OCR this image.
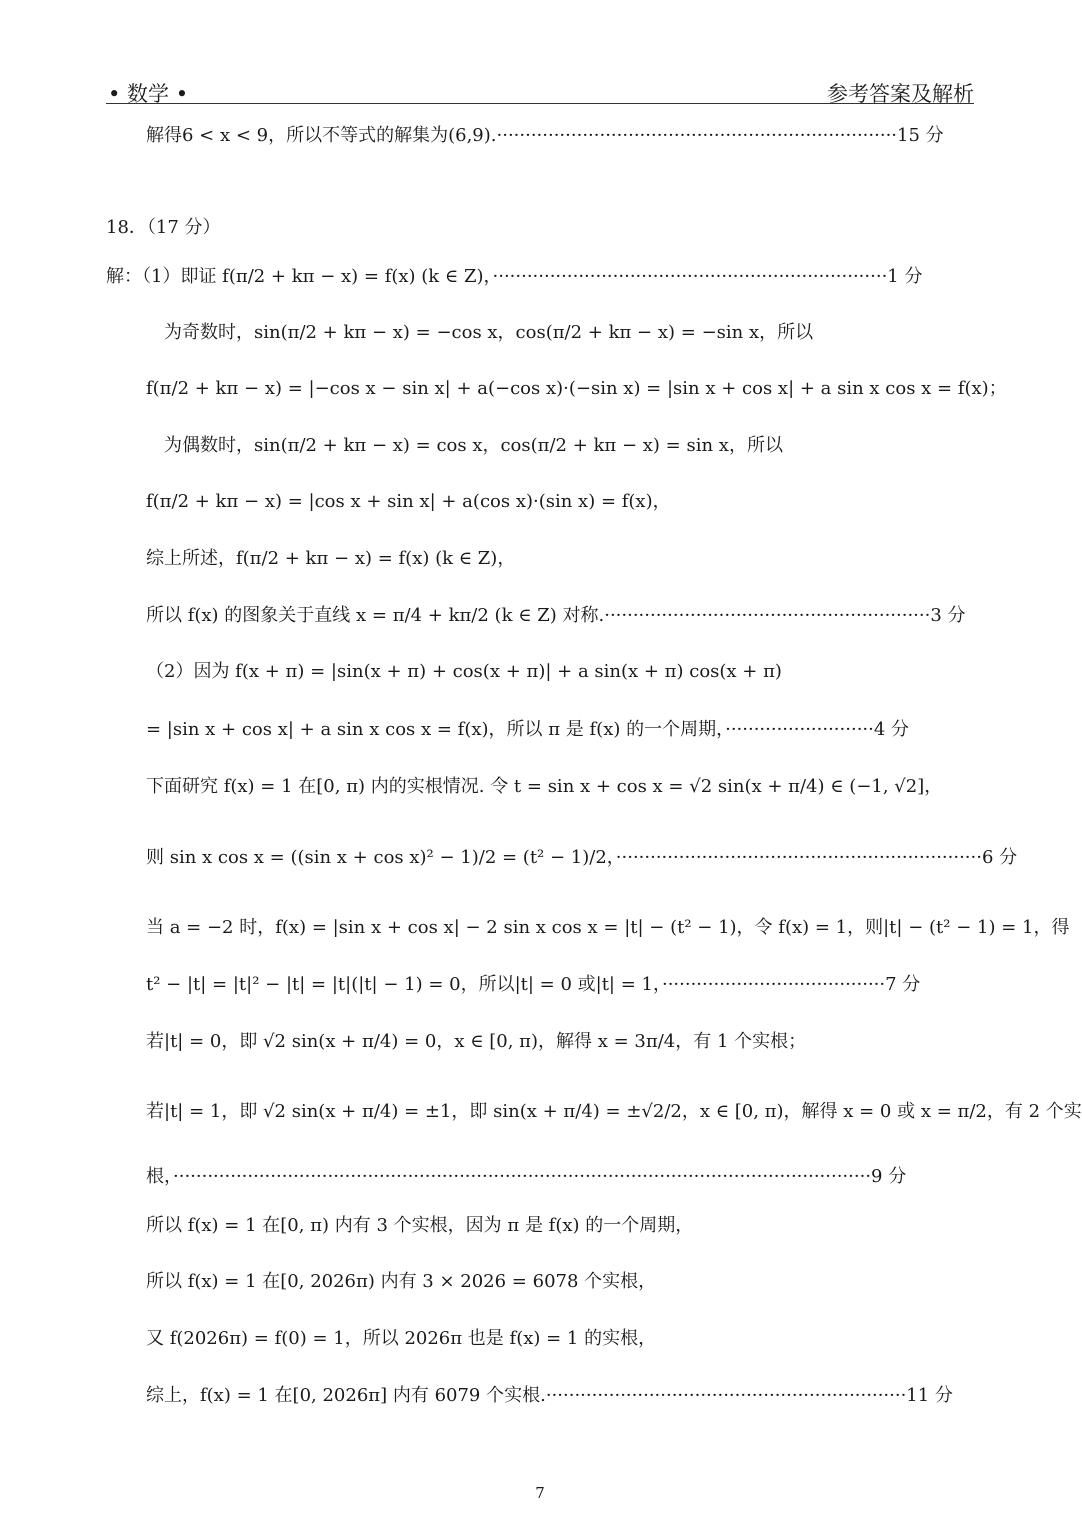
• 数学 •	参考答案及解析
解得6 < x < 9，所以不等式的解集为(6,9).······································································15 分
18．（17 分）
解：（1）即证 f(π/2 + kπ − x) = f(x) (k ∈ Z)，·····································································1 分
为奇数时，sin(π/2 + kπ − x) = −cos x，cos(π/2 + kπ − x) = −sin x，所以
f(π/2 + kπ − x) = |−cos x − sin x| + a(−cos x)·(−sin x) = |sin x + cos x| + a sin x cos x = f(x)；
为偶数时，sin(π/2 + kπ − x) = cos x，cos(π/2 + kπ − x) = sin x，所以
f(π/2 + kπ − x) = |cos x + sin x| + a(cos x)·(sin x) = f(x)，
综上所述，f(π/2 + kπ − x) = f(x) (k ∈ Z)，
所以 f(x) 的图象关于直线 x = π/4 + kπ/2 (k ∈ Z) 对称.·························································3 分
（2）因为 f(x + π) = |sin(x + π) + cos(x + π)| + a sin(x + π) cos(x + π)
= |sin x + cos x| + a sin x cos x = f(x)，所以 π 是 f(x) 的一个周期，··························4 分
下面研究 f(x) = 1 在[0, π) 内的实根情况. 令 t = sin x + cos x = √2 sin(x + π/4) ∈ (−1, √2]，
则 sin x cos x = ((sin x + cos x)² − 1)/2 = (t² − 1)/2，································································6 分
当 a = −2 时，f(x) = |sin x + cos x| − 2 sin x cos x = |t| − (t² − 1)，令 f(x) = 1，则|t| − (t² − 1) = 1，得
t² − |t| = |t|² − |t| = |t|(|t| − 1) = 0，所以|t| = 0 或|t| = 1，·······································7 分
若|t| = 0，即 √2 sin(x + π/4) = 0，x ∈ [0, π)，解得 x = 3π/4，有 1 个实根；
若|t| = 1，即 √2 sin(x + π/4) = ±1，即 sin(x + π/4) = ±√2/2，x ∈ [0, π)，解得 x = 0 或 x = π/2，有 2 个实
根，··························································································································9 分
所以 f(x) = 1 在[0, π) 内有 3 个实根，因为 π 是 f(x) 的一个周期，
所以 f(x) = 1 在[0, 2026π) 内有 3 × 2026 = 6078 个实根，
又 f(2026π) = f(0) = 1，所以 2026π 也是 f(x) = 1 的实根，
综上，f(x) = 1 在[0, 2026π] 内有 6079 个实根.·······························································11 分
7
